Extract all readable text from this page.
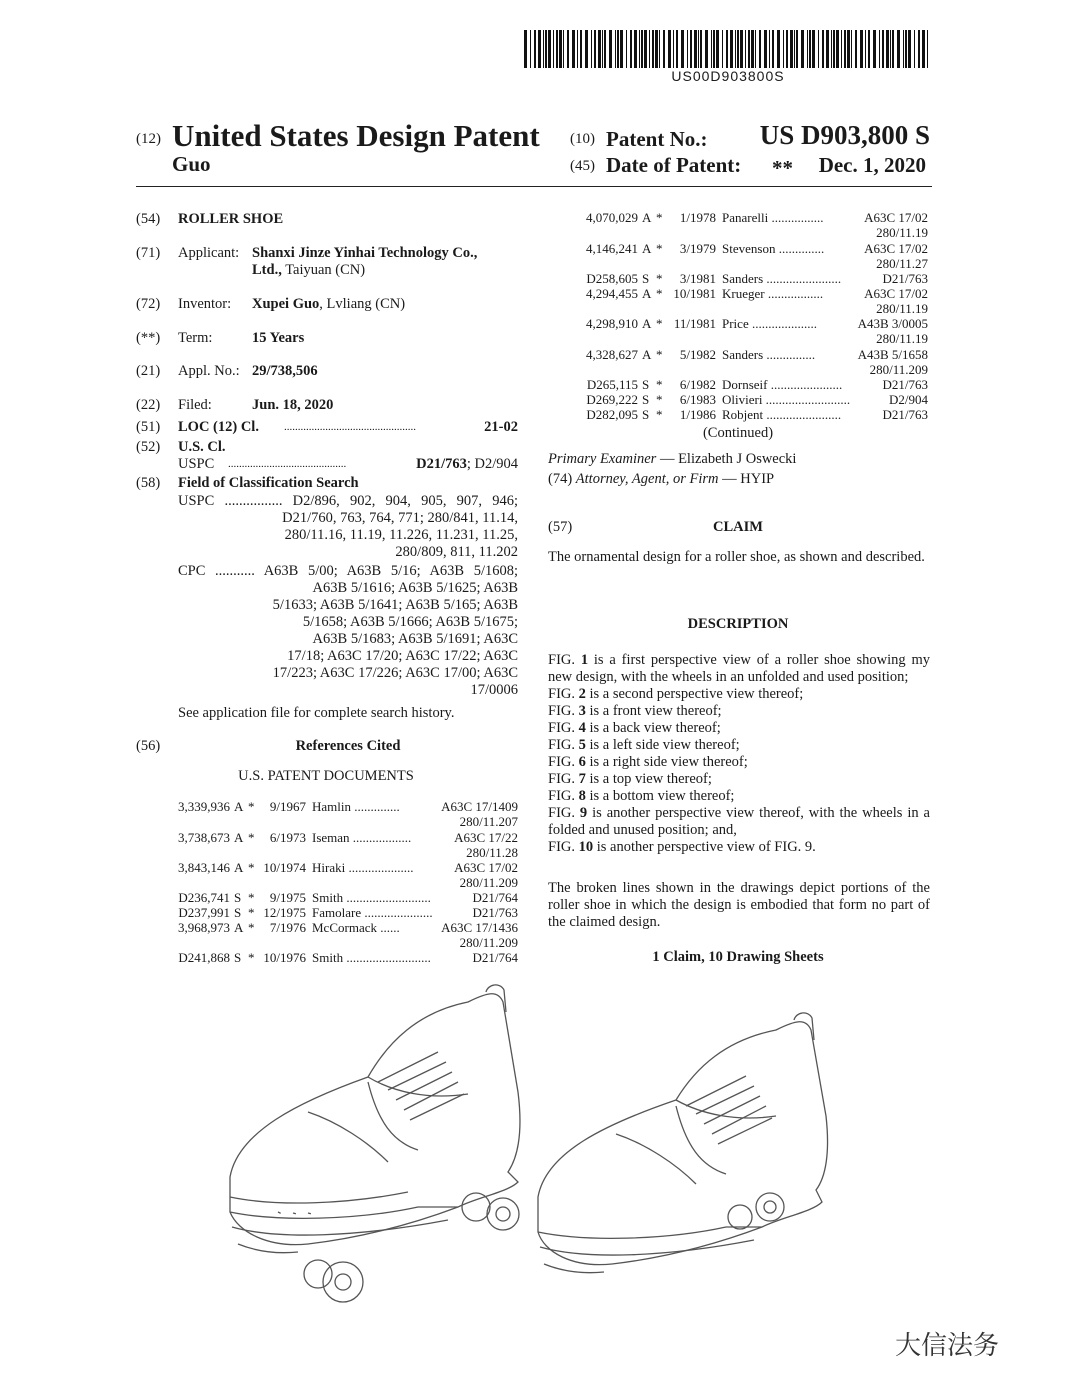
US00D903800S
(12) United States Design Patent
Guo
(10) Patent No.: US D903,800 S
(45) Date of Patent: ** Dec. 1, 2020
(54) ROLLER SHOE
(71) Applicant: Shanxi Jinze Yinhai Technology Co.,
Ltd., Taiyuan (CN)
(72) Inventor: Xupei Guo, Lvliang (CN)
(**) Term:	15 Years
(21) Appl. No.: 29/738,506
(22) Filed:	Jun. 18, 2020
(51) LOC (12) Cl. ................................................	21-02
(52) U.S. Cl.
USPC ...........................................	D21/763; D2/904
(58) Field of Classification Search
USPC ................ D2/896, 902, 904, 905, 907, 946;
D21/760, 763, 764, 771; 280/841, 11.14,
280/11.16, 11.19, 11.226, 11.231, 11.25,
280/809, 811, 11.202
CPC ........... A63B 5/00; A63B 5/16; A63B 5/1608;
A63B 5/1616; A63B 5/1625; A63B
5/1633; A63B 5/1641; A63B 5/165; A63B
5/1658; A63B 5/1666; A63B 5/1675;
A63B 5/1683; A63B 5/1691; A63C
17/18; A63C 17/20; A63C 17/22; A63C
17/223; A63C 17/226; A63C 17/00; A63C
17/0006
See application file for complete search history.
(56)	References Cited
U.S. PATENT DOCUMENTS
3,339,936 A *	9/1967 Hamlin ..............	A63C 17/1409
280/11.207
3,738,673 A *	6/1973 Iseman ..................	A63C 17/22
280/11.28
3,843,146 A * 10/1974 Hiraki ....................	A63C 17/02
280/11.209
D236,741 S *	9/1975 Smith ..........................	D21/764
D237,991 S * 12/1975 Famolare .....................	D21/763
3,968,973 A *	7/1976 McCormack ......	A63C 17/1436
280/11.209
D241,868 S * 10/1976 Smith ..........................	D21/764
4,070,029 A *	1/1978 Panarelli ................	A63C 17/02
280/11.19
4,146,241 A *	3/1979 Stevenson ..............	A63C 17/02
280/11.27
D258,605 S *	3/1981 Sanders .......................	D21/763
4,294,455 A * 10/1981 Krueger .................	A63C 17/02
280/11.19
4,298,910 A * 11/1981 Price ....................	A43B 3/0005
280/11.19
4,328,627 A *	5/1982 Sanders ...............	A43B 5/1658
280/11.209
D265,115 S *	6/1982 Dornseif ......................	D21/763
D269,222 S *	6/1983 Olivieri ..........................	D2/904
D282,095 S *	1/1986 Robjent .......................	D21/763
(Continued)
Primary Examiner — Elizabeth J Oswecki
(74) Attorney, Agent, or Firm — HYIP
(57)	CLAIM
The ornamental design for a roller shoe, as shown and described.
DESCRIPTION
FIG. 1 is a first perspective view of a roller shoe showing my new design, with the wheels in an unfolded and used position;
FIG. 2 is a second perspective view thereof;
FIG. 3 is a front view thereof;
FIG. 4 is a back view thereof;
FIG. 5 is a left side view thereof;
FIG. 6 is a right side view thereof;
FIG. 7 is a top view thereof;
FIG. 8 is a bottom view thereof;
FIG. 9 is another perspective view thereof, with the wheels in a folded and unused position; and,
FIG. 10 is another perspective view of FIG. 9.
The broken lines shown in the drawings depict portions of the roller shoe in which the design is embodied that form no part of the claimed design.
1 Claim, 10 Drawing Sheets
大信法务
